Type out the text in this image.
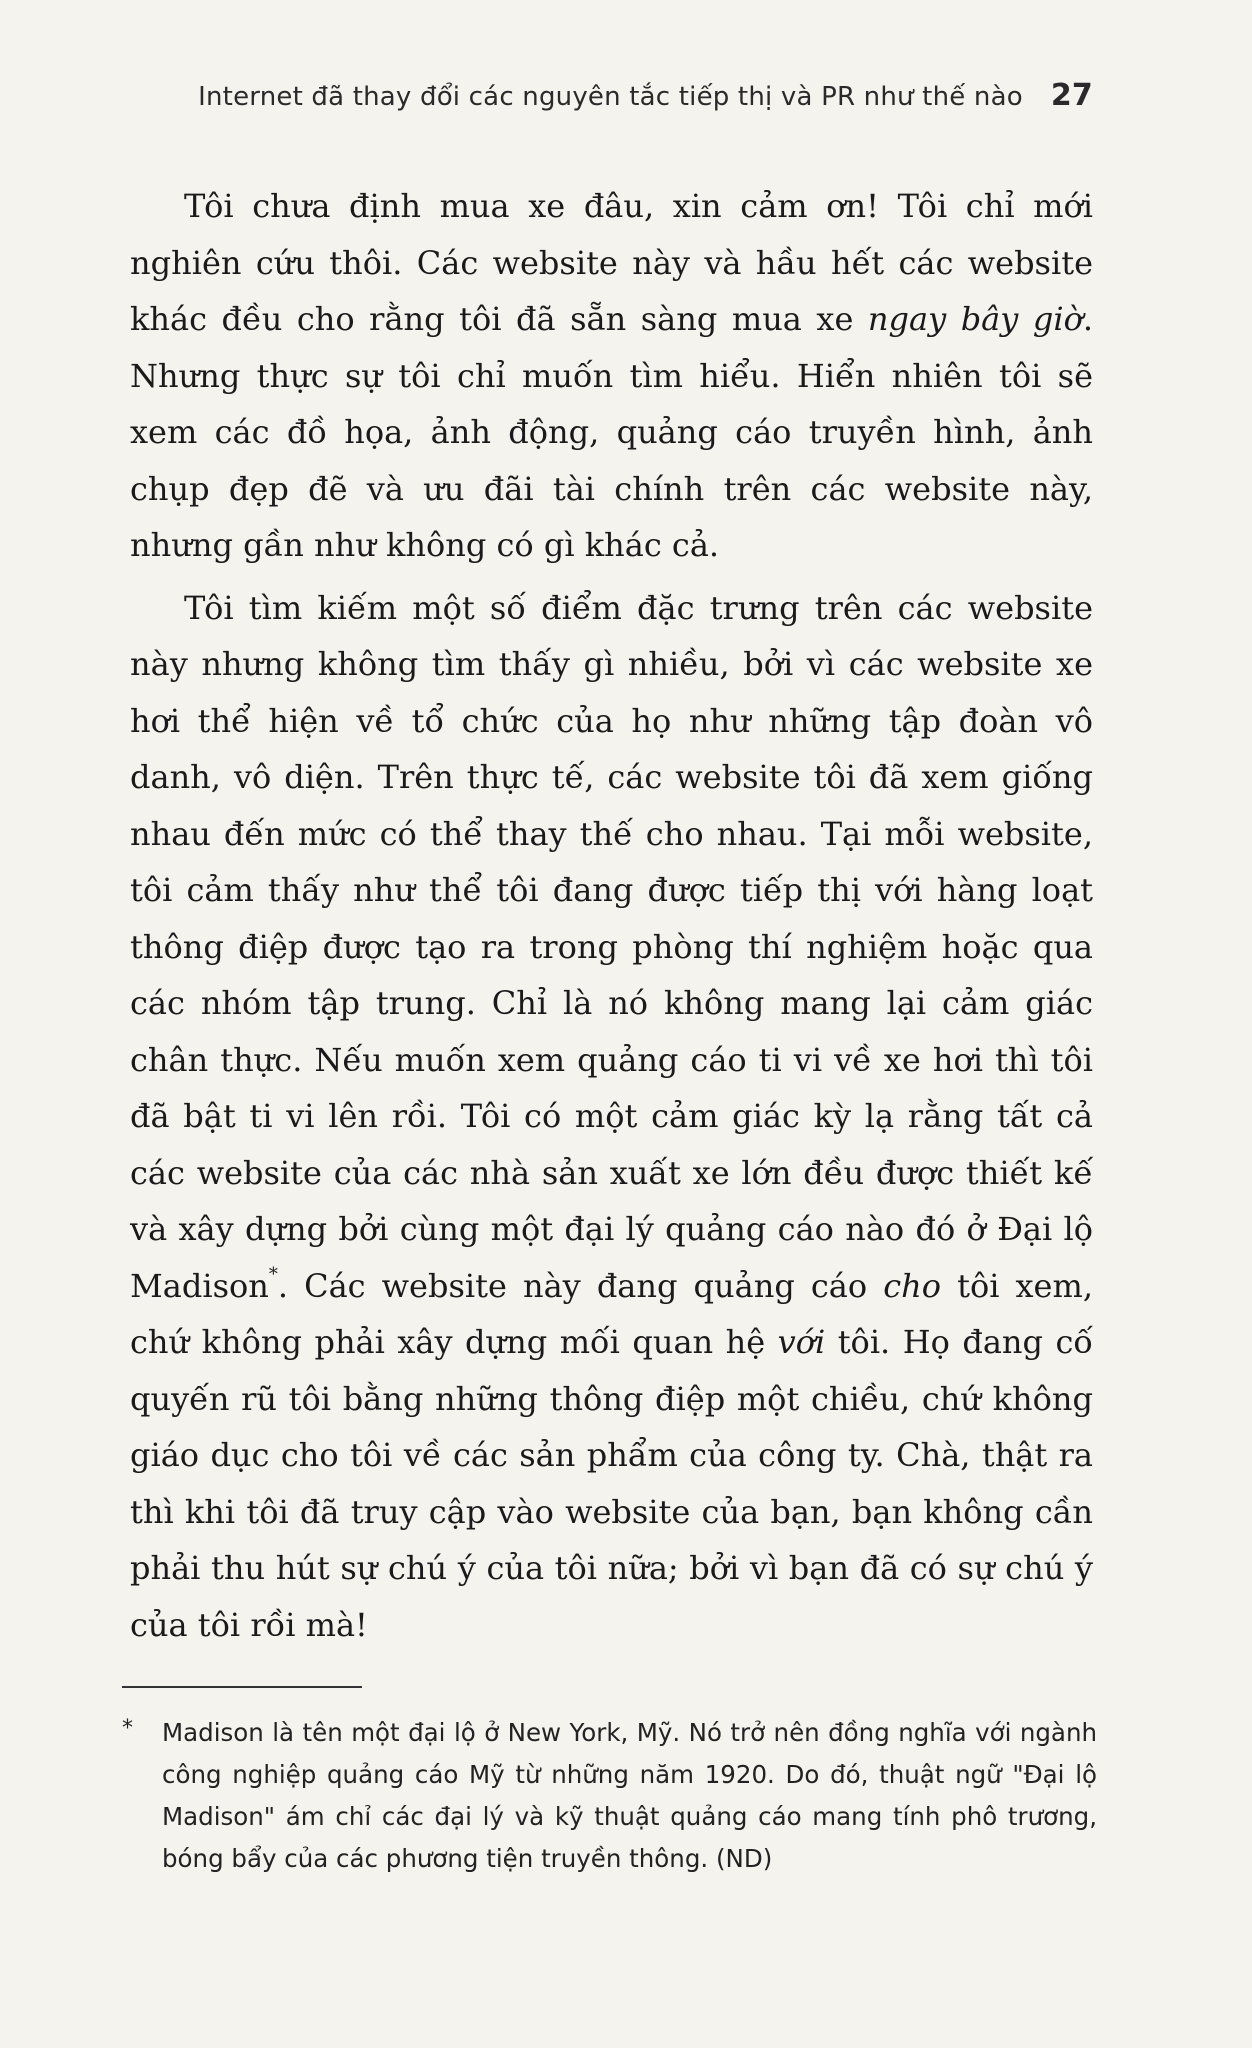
Internet đã thay đổi các nguyên tắc tiếp thị và PR như thế nào 27

Tôi chưa định mua xe đâu, xin cảm ơn! Tôi chỉ mới nghiên cứu thôi. Các website này và hầu hết các website khác đều cho rằng tôi đã sẵn sàng mua xe ngay bây giờ. Nhưng thực sự tôi chỉ muốn tìm hiểu. Hiển nhiên tôi sẽ xem các đồ họa, ảnh động, quảng cáo truyền hình, ảnh chụp đẹp đẽ và ưu đãi tài chính trên các website này, nhưng gần như không có gì khác cả.

Tôi tìm kiếm một số điểm đặc trưng trên các website này nhưng không tìm thấy gì nhiều, bởi vì các website xe hơi thể hiện về tổ chức của họ như những tập đoàn vô danh, vô diện. Trên thực tế, các website tôi đã xem giống nhau đến mức có thể thay thế cho nhau. Tại mỗi website, tôi cảm thấy như thể tôi đang được tiếp thị với hàng loạt thông điệp được tạo ra trong phòng thí nghiệm hoặc qua các nhóm tập trung. Chỉ là nó không mang lại cảm giác chân thực. Nếu muốn xem quảng cáo ti vi về xe hơi thì tôi đã bật ti vi lên rồi. Tôi có một cảm giác kỳ lạ rằng tất cả các website của các nhà sản xuất xe lớn đều được thiết kế và xây dựng bởi cùng một đại lý quảng cáo nào đó ở Đại lộ Madison*. Các website này đang quảng cáo cho tôi xem, chứ không phải xây dựng mối quan hệ với tôi. Họ đang cố quyến rũ tôi bằng những thông điệp một chiều, chứ không giáo dục cho tôi về các sản phẩm của công ty. Chà, thật ra thì khi tôi đã truy cập vào website của bạn, bạn không cần phải thu hút sự chú ý của tôi nữa; bởi vì bạn đã có sự chú ý của tôi rồi mà!

* Madison là tên một đại lộ ở New York, Mỹ. Nó trở nên đồng nghĩa với ngành công nghiệp quảng cáo Mỹ từ những năm 1920. Do đó, thuật ngữ "Đại lộ Madison" ám chỉ các đại lý và kỹ thuật quảng cáo mang tính phô trương, bóng bẩy của các phương tiện truyền thông. (ND)
